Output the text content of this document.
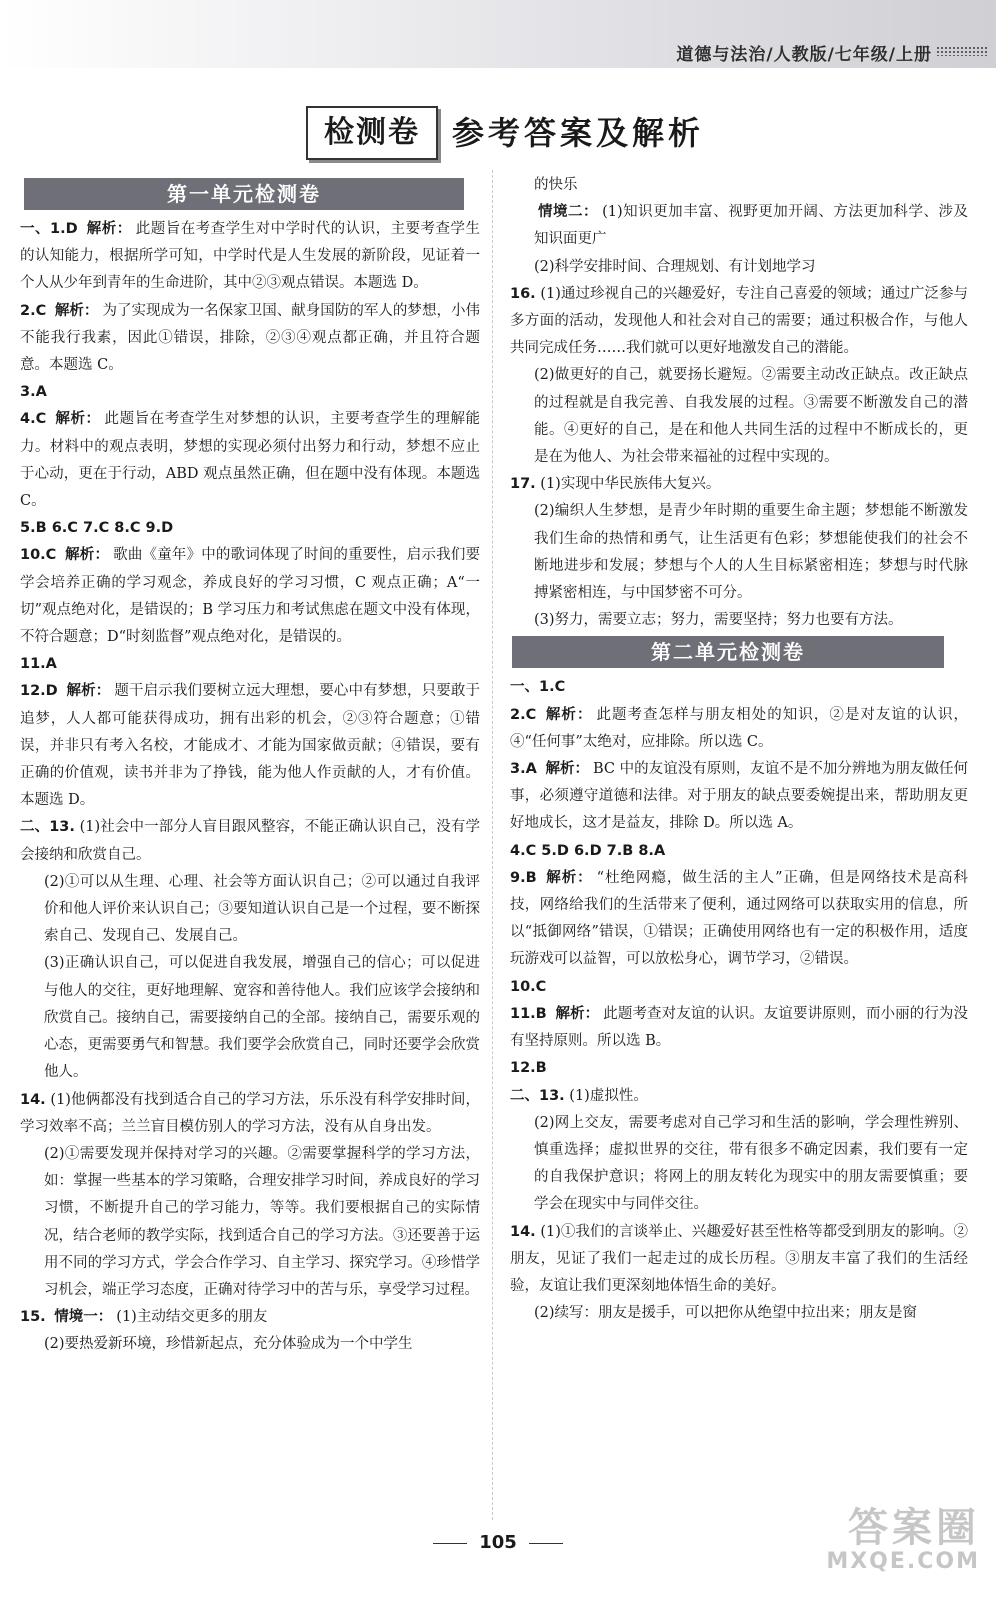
道德与法治/人教版/七年级/上册
检测卷	参考答案及解析
第一单元检测卷

一、1.D 解析： 此题旨在考查学生对中学时代的认识，主要考查学生的认知能力，根据所学可知，中学时代是人生发展的新阶段，见证着一个人从少年到青年的生命进阶，其中②③观点错误。本题选 D。

2.C 解析： 为了实现成为一名保家卫国、献身国防的军人的梦想，小伟不能我行我素，因此①错误，排除，②③④观点都正确，并且符合题意。本题选 C。

3.A

4.C 解析： 此题旨在考查学生对梦想的认识，主要考查学生的理解能力。材料中的观点表明，梦想的实现必须付出努力和行动，梦想不应止于心动，更在于行动，ABD 观点虽然正确，但在题中没有体现。本题选 C。

5.B 6.C 7.C 8.C 9.D

10.C 解析： 歌曲《童年》中的歌词体现了时间的重要性，启示我们要学会培养正确的学习观念，养成良好的学习习惯，C 观点正确；A“一切”观点绝对化，是错误的；B 学习压力和考试焦虑在题文中没有体现，不符合题意；D“时刻监督”观点绝对化，是错误的。

11.A

12.D 解析： 题干启示我们要树立远大理想，要心中有梦想，只要敢于追梦，人人都可能获得成功，拥有出彩的机会，②③符合题意；①错误，并非只有考入名校，才能成才、才能为国家做贡献；④错误，要有正确的价值观，读书并非为了挣钱，能为他人作贡献的人，才有价值。本题选 D。

二、13. (1)社会中一部分人盲目跟风整容，不能正确认识自己，没有学会接纳和欣赏自己。

(2)①可以从生理、心理、社会等方面认识自己；②可以通过自我评价和他人评价来认识自己；③要知道认识自己是一个过程，要不断探索自己、发现自己、发展自己。

(3)正确认识自己，可以促进自我发展，增强自己的信心；可以促进与他人的交往，更好地理解、宽容和善待他人。我们应该学会接纳和欣赏自己。接纳自己，需要接纳自己的全部。接纳自己，需要乐观的心态，更需要勇气和智慧。我们要学会欣赏自己，同时还要学会欣赏他人。

14. (1)他俩都没有找到适合自己的学习方法，乐乐没有科学安排时间，学习效率不高；兰兰盲目模仿别人的学习方法，没有从自身出发。

(2)①需要发现并保持对学习的兴趣。②需要掌握科学的学习方法，如：掌握一些基本的学习策略，合理安排学习时间，养成良好的学习习惯，不断提升自己的学习能力，等等。我们要根据自己的实际情况，结合老师的教学实际，找到适合自己的学习方法。③还要善于运用不同的学习方式，学会合作学习、自主学习、探究学习。④珍惜学习机会，端正学习态度，正确对待学习中的苦与乐，享受学习过程。

15. 情境一： (1)主动结交更多的朋友

(2)要热爱新环境，珍惜新起点，充分体验成为一个中学生

的快乐

情境二： (1)知识更加丰富、视野更加开阔、方法更加科学、涉及知识面更广

(2)科学安排时间、合理规划、有计划地学习

16. (1)通过珍视自己的兴趣爱好，专注自己喜爱的领域；通过广泛参与多方面的活动，发现他人和社会对自己的需要；通过积极合作，与他人共同完成任务……我们就可以更好地激发自己的潜能。

(2)做更好的自己，就要扬长避短。②需要主动改正缺点。改正缺点的过程就是自我完善、自我发展的过程。③需要不断激发自己的潜能。④更好的自己，是在和他人共同生活的过程中不断成长的，更是在为他人、为社会带来福祉的过程中实现的。

17. (1)实现中华民族伟大复兴。

(2)编织人生梦想，是青少年时期的重要生命主题；梦想能不断激发我们生命的热情和勇气，让生活更有色彩；梦想能使我们的社会不断地进步和发展；梦想与个人的人生目标紧密相连；梦想与时代脉搏紧密相连，与中国梦密不可分。

(3)努力，需要立志；努力，需要坚持；努力也要有方法。

第二单元检测卷

一、1.C

2.C 解析： 此题考查怎样与朋友相处的知识，②是对友谊的认识，④“任何事”太绝对，应排除。所以选 C。

3.A 解析： BC 中的友谊没有原则，友谊不是不加分辨地为朋友做任何事，必须遵守道德和法律。对于朋友的缺点要委婉提出来，帮助朋友更好地成长，这才是益友，排除 D。所以选 A。

4.C 5.D 6.D 7.B 8.A

9.B 解析： “杜绝网瘾，做生活的主人”正确，但是网络技术是高科技，网络给我们的生活带来了便利，通过网络可以获取实用的信息，所以“抵御网络”错误，①错误；正确使用网络也有一定的积极作用，适度玩游戏可以益智，可以放松身心，调节学习，②错误。

10.C

11.B 解析： 此题考查对友谊的认识。友谊要讲原则，而小丽的行为没有坚持原则。所以选 B。

12.B

二、13. (1)虚拟性。

(2)网上交友，需要考虑对自己学习和生活的影响，学会理性辨别、慎重选择；虚拟世界的交往，带有很多不确定因素，我们要有一定的自我保护意识；将网上的朋友转化为现实中的朋友需要慎重；要学会在现实中与同伴交往。

14. (1)①我们的言谈举止、兴趣爱好甚至性格等都受到朋友的影响。②朋友，见证了我们一起走过的成长历程。③朋友丰富了我们的生活经验，友谊让我们更深刻地体悟生命的美好。

(2)续写：朋友是援手，可以把你从绝望中拉出来；朋友是窗

105	答案圈
MXQE.COM
